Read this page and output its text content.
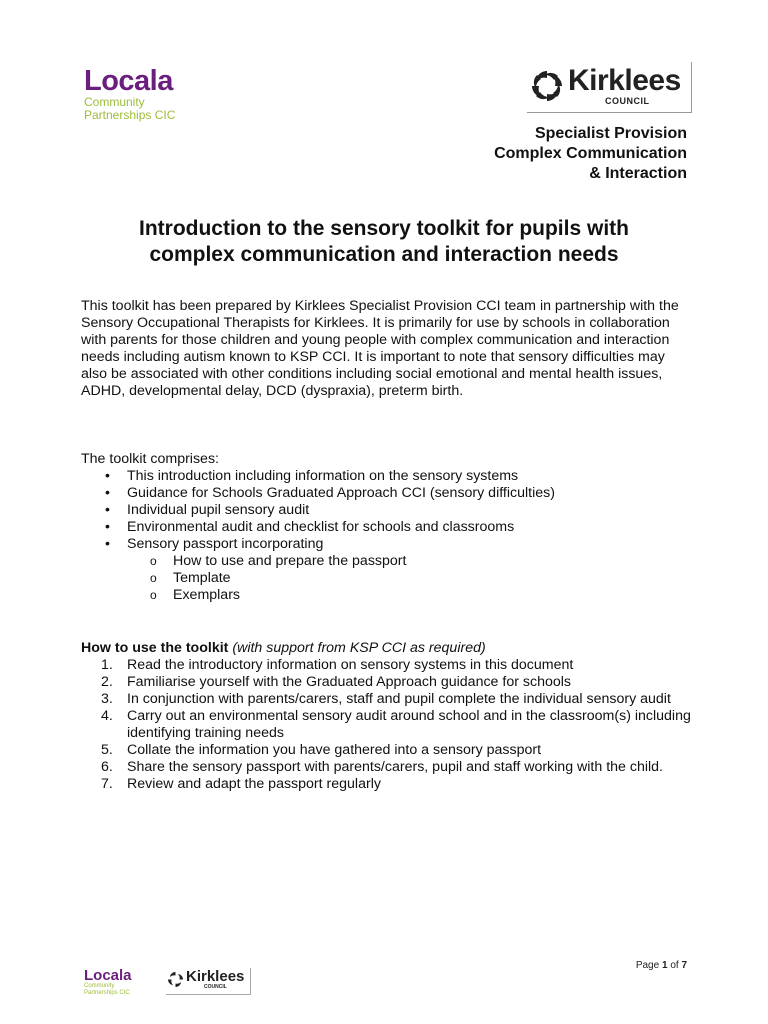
Locala
Community
Partnerships CIC
Kirklees
COUNCIL
Specialist Provision
Complex Communication
& Interaction
Introduction to the sensory toolkit for pupils with
complex communication and interaction needs
This toolkit has been prepared by Kirklees Specialist Provision CCI team in partnership with the Sensory Occupational Therapists for Kirklees. It is primarily for use by schools in collaboration with parents for those children and young people with complex communication and interaction needs including autism known to KSP CCI. It is important to note that sensory difficulties may also be associated with other conditions including social emotional and mental health issues, ADHD, developmental delay, DCD (dyspraxia), preterm birth.
The toolkit comprises:
• This introduction including information on the sensory systems
• Guidance for Schools Graduated Approach CCI (sensory difficulties)
• Individual pupil sensory audit
• Environmental audit and checklist for schools and classrooms
• Sensory passport incorporating
o How to use and prepare the passport
o Template
o Exemplars
How to use the toolkit (with support from KSP CCI as required)
1. Read the introductory information on sensory systems in this document
2. Familiarise yourself with the Graduated Approach guidance for schools
3. In conjunction with parents/carers, staff and pupil complete the individual sensory audit
4. Carry out an environmental sensory audit around school and in the classroom(s) including identifying training needs
5. Collate the information you have gathered into a sensory passport
6. Share the sensory passport with parents/carers, pupil and staff working with the child.
7. Review and adapt the passport regularly
Page 1 of 7
Locala
Community
Partnerships CIC
Kirklees
COUNCIL
